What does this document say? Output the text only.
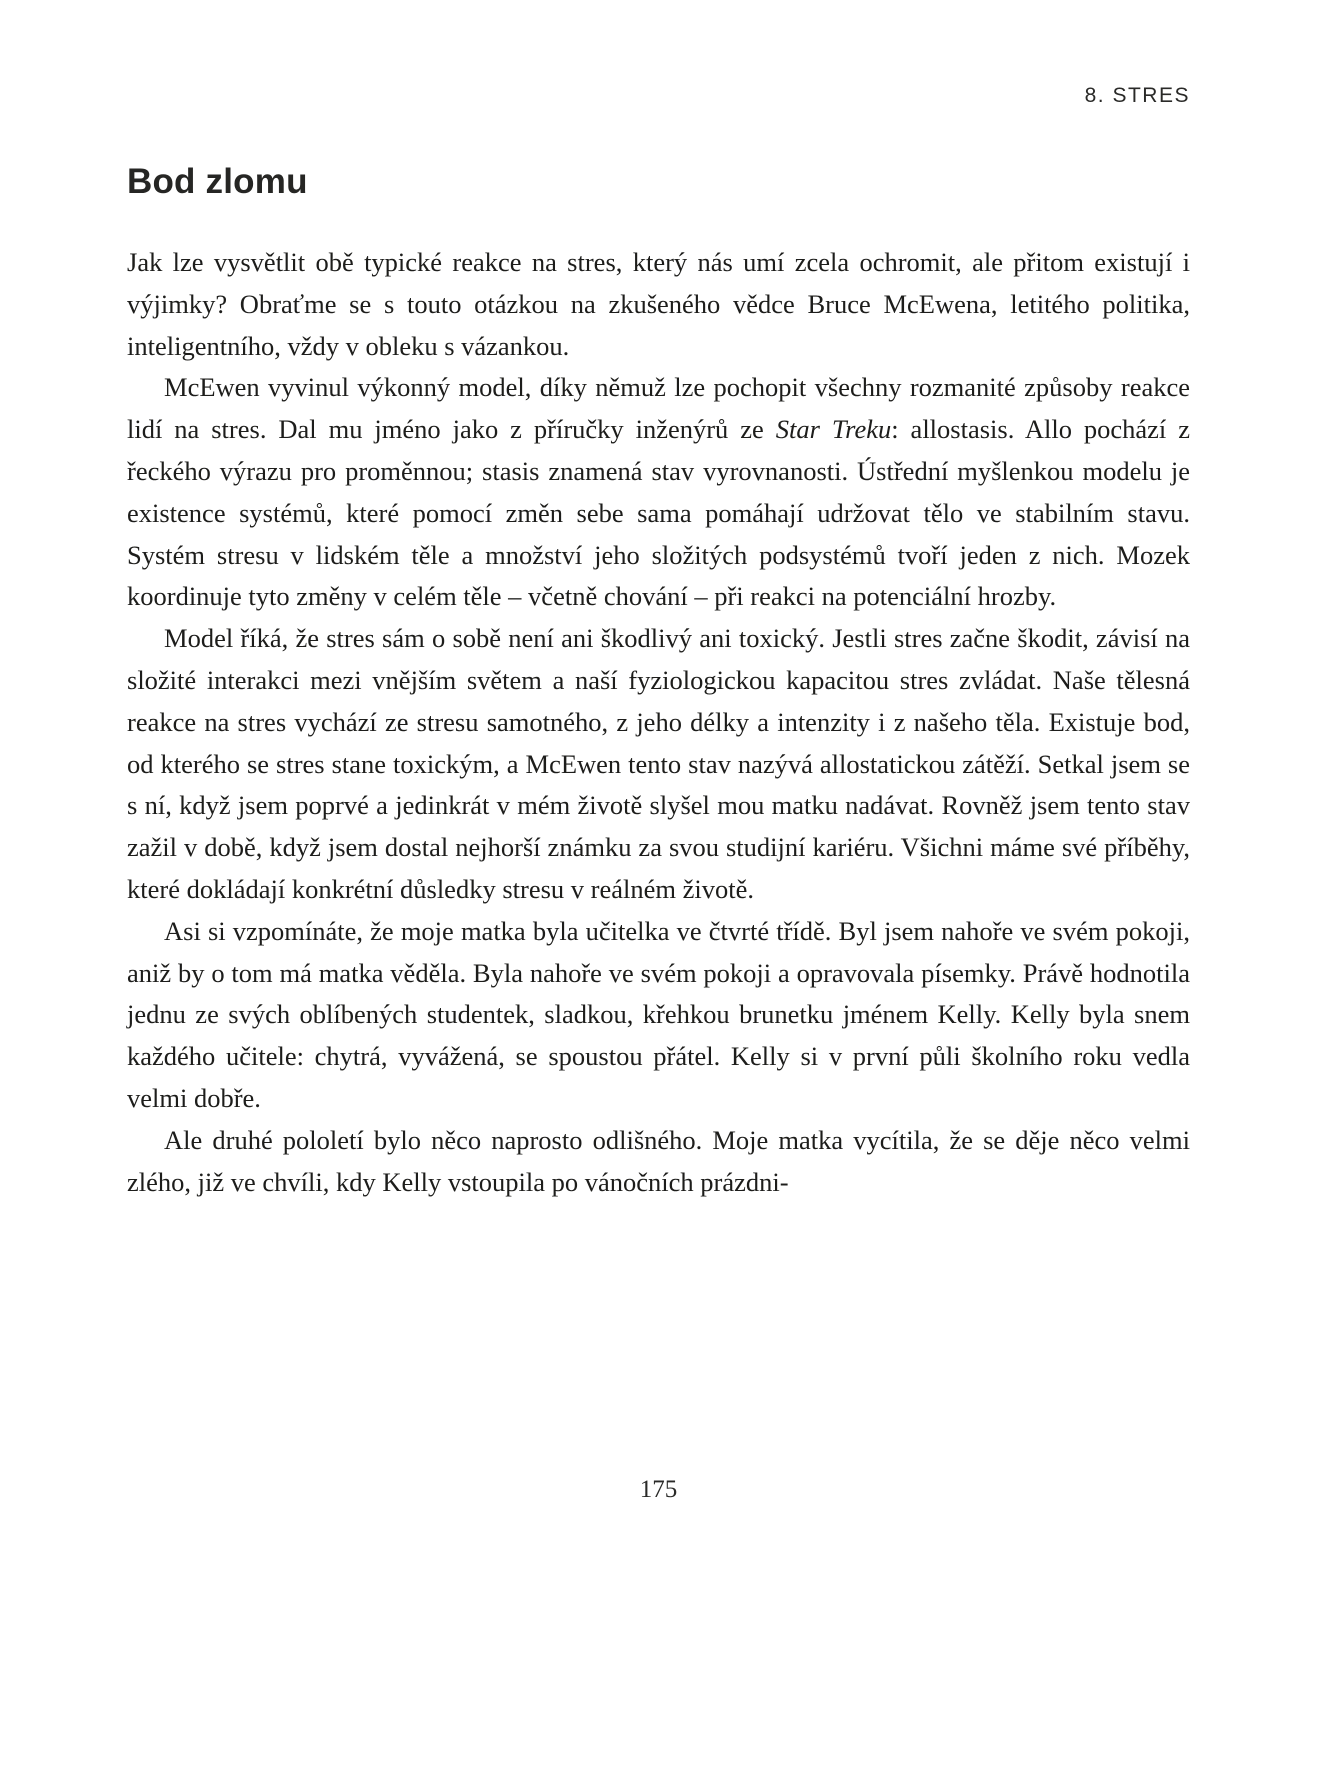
8. STRES
Bod zlomu

Jak lze vysvětlit obě typické reakce na stres, který nás umí zcela ochromit, ale přitom existují i výjimky? Obraťme se s touto otázkou na zkušeného vědce Bruce McEwena, letitého politika, inteligentního, vždy v obleku s vázankou.

McEwen vyvinul výkonný model, díky němuž lze pochopit všechny rozmanité způsoby reakce lidí na stres. Dal mu jméno jako z příručky inženýrů ze Star Treku: allostasis. Allo pochází z řeckého výrazu pro proměnnou; stasis znamená stav vyrovnanosti. Ústřední myšlenkou modelu je existence systémů, které pomocí změn sebe sama pomáhají udržovat tělo ve stabilním stavu. Systém stresu v lidském těle a množství jeho složitých podsystémů tvoří jeden z nich. Mozek koordinuje tyto změny v celém těle – včetně chování – při reakci na potenciální hrozby.

Model říká, že stres sám o sobě není ani škodlivý ani toxický. Jestli stres začne škodit, závisí na složité interakci mezi vnějším světem a naší fyziologickou kapacitou stres zvládat. Naše tělesná reakce na stres vychází ze stresu samotného, z jeho délky a intenzity i z našeho těla. Existuje bod, od kterého se stres stane toxickým, a McEwen tento stav nazývá allostatickou zátěží. Setkal jsem se s ní, když jsem poprvé a jedinkrát v mém životě slyšel mou matku nadávat. Rovněž jsem tento stav zažil v době, když jsem dostal nejhorší známku za svou studijní kariéru. Všichni máme své příběhy, které dokládají konkrétní důsledky stresu v reálném životě.

Asi si vzpomínáte, že moje matka byla učitelka ve čtvrté třídě. Byl jsem nahoře ve svém pokoji, aniž by o tom má matka věděla. Byla nahoře ve svém pokoji a opravovala písemky. Právě hodnotila jednu ze svých oblíbených studentek, sladkou, křehkou brunetku jménem Kelly. Kelly byla snem každého učitele: chytrá, vyvážená, se spoustou přátel. Kelly si v první půli školního roku vedla velmi dobře.

Ale druhé pololetí bylo něco naprosto odlišného. Moje matka vycítila, že se děje něco velmi zlého, již ve chvíli, kdy Kelly vstoupila po vánočních prázdni-

175
